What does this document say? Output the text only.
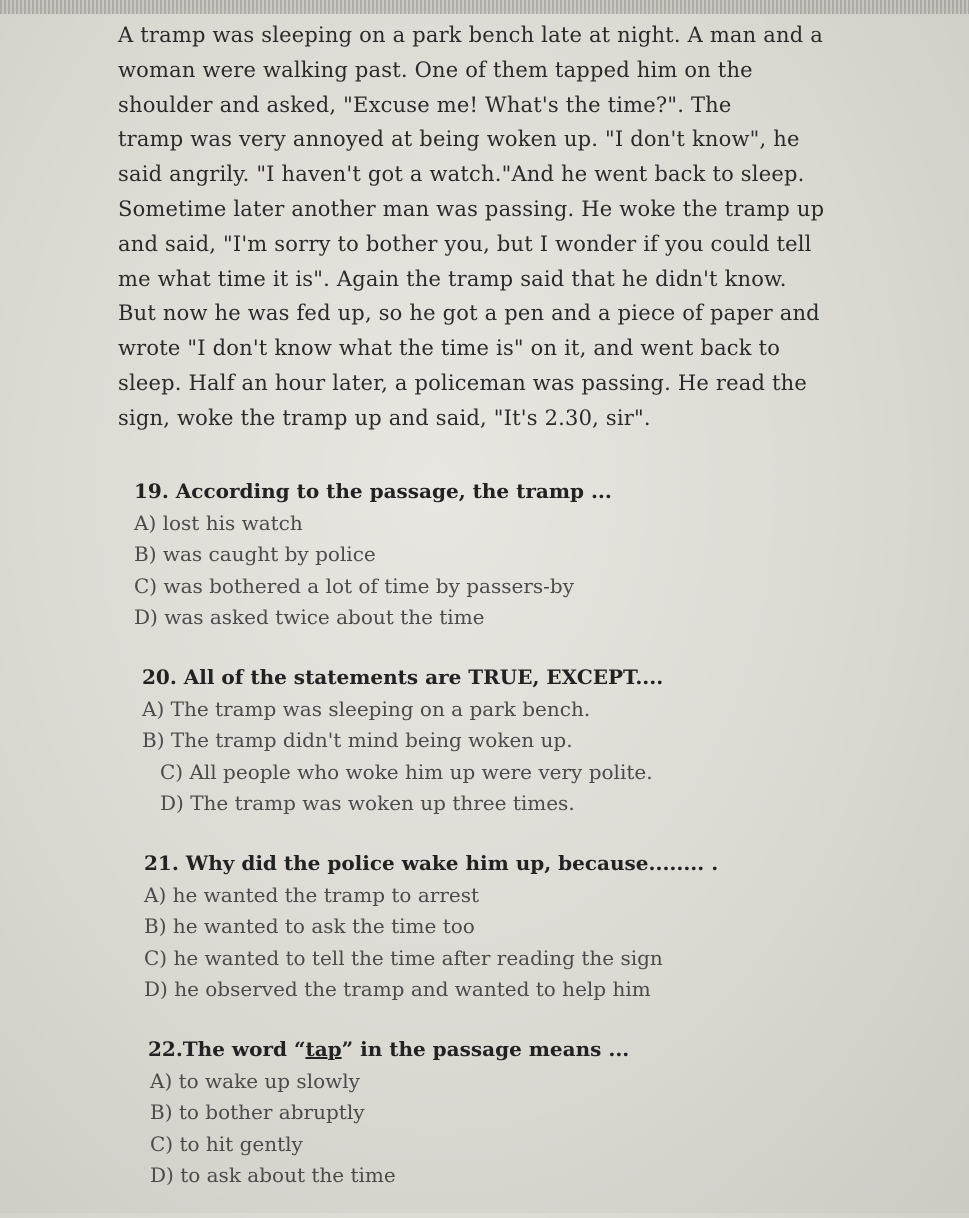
A tramp was sleeping on a park bench late at night. A man and a

woman were walking past. One of them tapped him on the

shoulder and asked, "Excuse me! What's the time?". The

tramp was very annoyed at being woken up. "I don't know", he

said angrily. "I haven't got a watch."And he went back to sleep.

Sometime later another man was passing. He woke the tramp up

and said, "I'm sorry to bother you, but I wonder if you could tell

me what time it is". Again the tramp said that he didn't know.

But now he was fed up, so he got a pen and a piece of paper and

wrote "I don't know what the time is" on it, and went back to

sleep. Half an hour later, a policeman was passing. He read the

sign, woke the tramp up and said, "It's 2.30, sir".

19. According to the passage, the tramp ...
A) lost his watch
B) was caught by police
C) was bothered a lot of time by passers-by
D) was asked twice about the time
20. All of the statements are TRUE, EXCEPT....
A) The tramp was sleeping on a park bench.
B) The tramp didn't mind being woken up.
C) All people who woke him up were very polite.
D) The tramp was woken up three times.
21. Why did the police wake him up, because........ .
A) he wanted the tramp to arrest
B) he wanted to ask the time too
C) he wanted to tell the time after reading the sign
D) he observed the tramp and wanted to help him
22.The word “tap” in the passage means ...
A) to wake up slowly
B) to bother abruptly
C) to hit gently
D) to ask about the time
